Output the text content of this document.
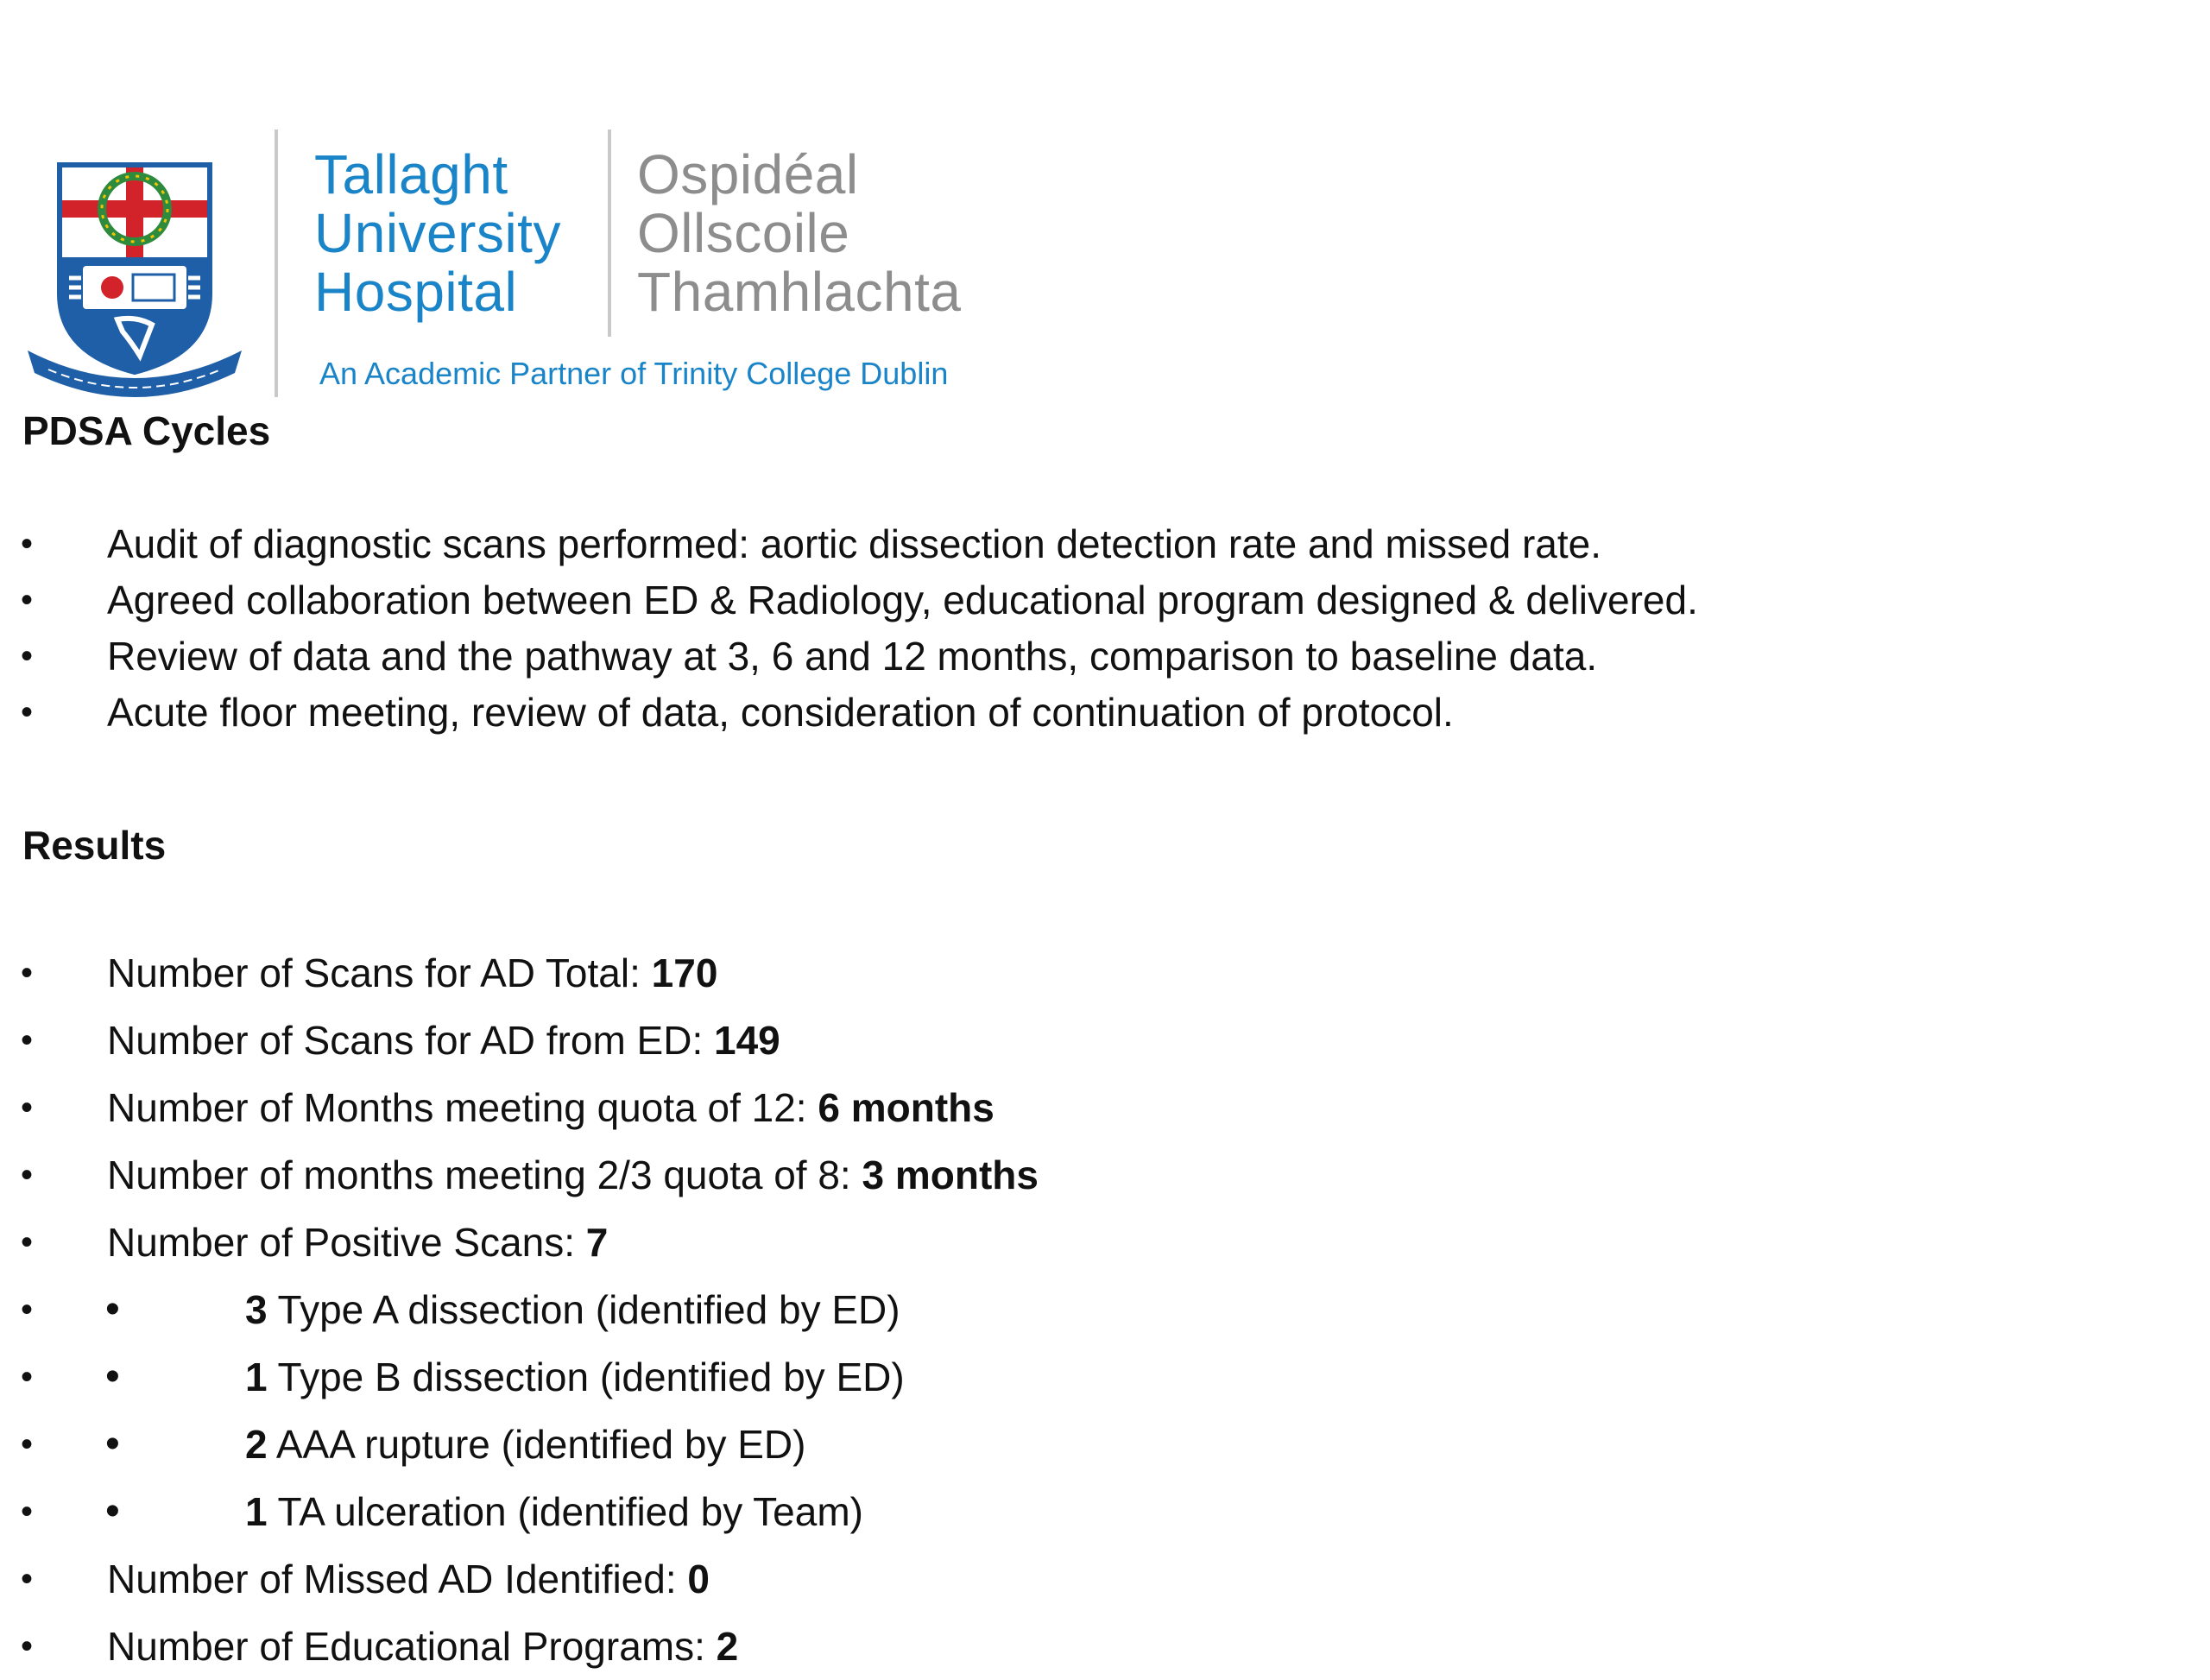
Tallaght
University
Hospital
Ospidéal
Ollscoile
Thamhlachta
An Academic Partner of Trinity College Dublin
PDSA Cycles
• Audit of diagnostic scans performed: aortic dissection detection rate and missed rate.
• Agreed collaboration between ED & Radiology, educational program designed & delivered.
• Review of data and the pathway at 3, 6 and 12 months, comparison to baseline data.
• Acute floor meeting, review of data, consideration of continuation of protocol.
Results
• Number of Scans for AD Total: 170
• Number of Scans for AD from ED: 149
• Number of Months meeting quota of 12: 6 months
• Number of months meeting 2/3 quota of 8: 3 months
• Number of Positive Scans: 7
• •	3 Type A dissection (identified by ED)
• •	1 Type B dissection (identified by ED)
• •	2 AAA rupture (identified by ED)
• •	1 TA ulceration (identified by Team)
• Number of Missed AD Identified: 0
• Number of Educational Programs: 2
